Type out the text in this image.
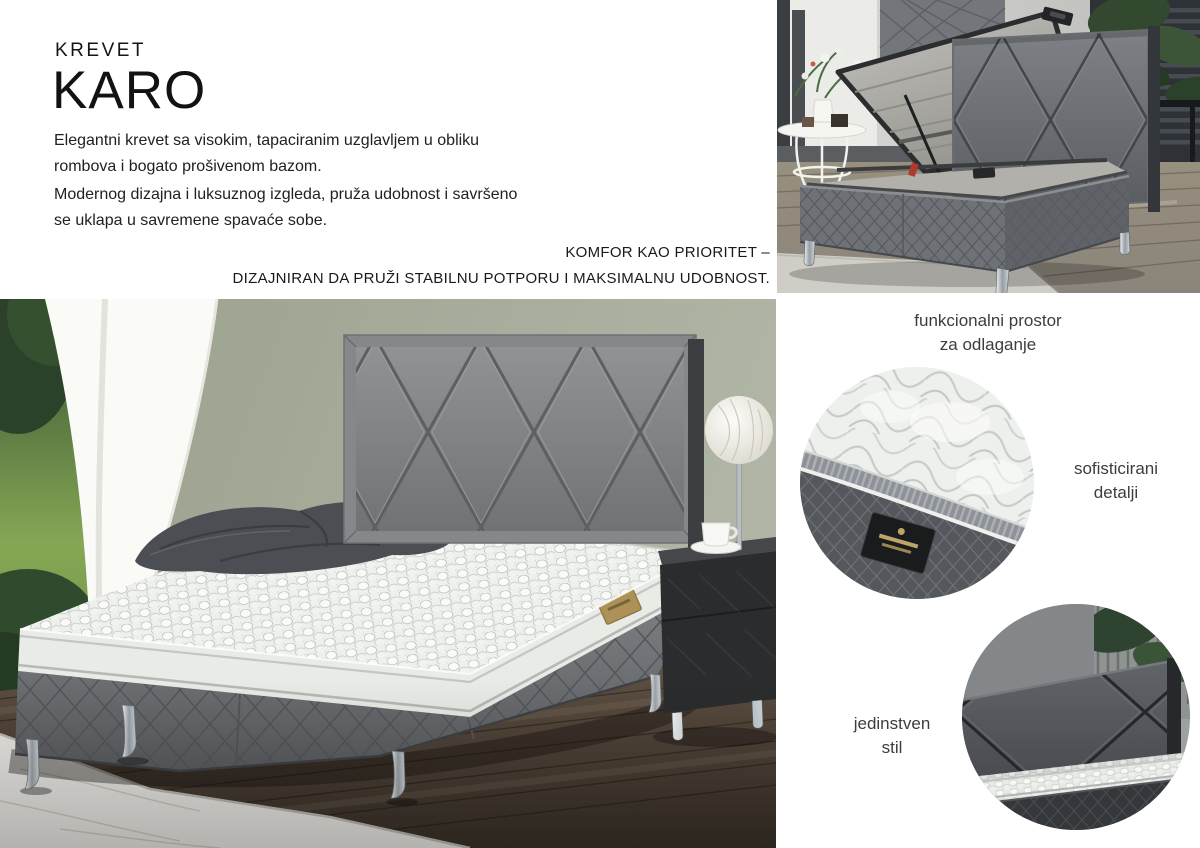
KREVET
KARO
Elegantni krevet sa visokim, tapaciranim uzglavljem u obliku
rombova i bogato prošivenom bazom.
Modernog dizajna i luksuznog izgleda, pruža udobnost i savršeno
se uklapa u savremene spavaće sobe.
KOMFOR KAO PRIORITET –
DIZAJNIRAN DA PRUŽI STABILNU POTPORU I MAKSIMALNU UDOBNOST.
funkcionalni prostor
za odlaganje
sofisticirani
detalji
jedinstven
stil
